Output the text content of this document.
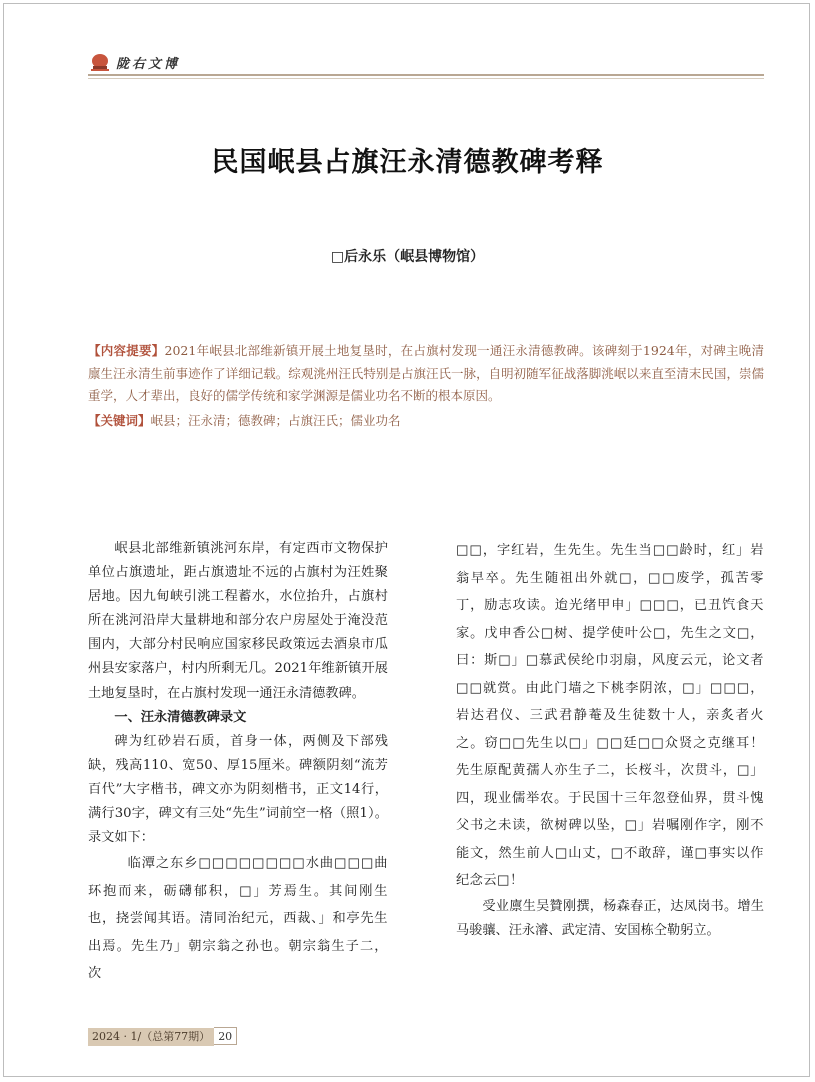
陇右文博
民国岷县占旗汪永清德教碑考释
□后永乐（岷县博物馆）

【内容提要】2021年岷县北部维新镇开展土地复垦时，在占旗村发现一通汪永清德教碑。该碑刻于1924年，对碑主晚清廪生汪永清生前事迹作了详细记载。综观洮州汪氏特别是占旗汪氏一脉，自明初随军征战落脚洮岷以来直至清末民国，崇儒重学，人才辈出，良好的儒学传统和家学渊源是儒业功名不断的根本原因。

【关键词】岷县；汪永清；德教碑；占旗汪氏；儒业功名

岷县北部维新镇洮河东岸，有定西市文物保护单位占旗遗址，距占旗遗址不远的占旗村为汪姓聚居地。因九甸峡引洮工程蓄水，水位抬升，占旗村所在洮河沿岸大量耕地和部分农户房屋处于淹没范围内，大部分村民响应国家移民政策远去酒泉市瓜州县安家落户，村内所剩无几。2021年维新镇开展土地复垦时，在占旗村发现一通汪永清德教碑。

一、汪永清德教碑录文

碑为红砂岩石质，首身一体，两侧及下部残缺，残高110、宽50、厚15厘米。碑额阴刻“流芳百代”大字楷书，碑文亦为阴刻楷书，正文14行，满行30字，碑文有三处“先生”词前空一格（照1）。录文如下：

临潭之东乡□□□□□□□□水曲□□□曲环抱而来，砺礴郁积，□」芳焉生。其间刚生也，挠尝闻其语。清同治纪元，西裁、」和亭先生出焉。先生乃」朝宗翁之孙也。朝宗翁生子二，次

□□，字红岩，生先生。先生当□□龄时，红」岩翁早卒。先生随祖出外就□，□□废学，孤苦零丁，励志攻读。迨光绪甲申」□□□，已丑饩食天家。戊申香公□树、提学使叶公□，先生之文□，曰：斯□」□慕武侯纶巾羽扇，风度云元，论文者□□就赏。由此门墙之下桃李阴浓，□」□□□，岩达君仪、三武君静菴及生徒数十人，亲炙者火之。窃□□先生以□」□□廷□□众贤之克继耳！先生原配黄孺人亦生子二，长桜斗，次贯斗，□」四，现业儒举农。于民国十三年忽登仙界，贯斗愧父书之未读，欲树碑以坠，□」岩嘱刚作字，刚不能文，然生前人□山丈，□不敢辞，谨□事实以作纪念云□！

受业廪生吴贊刚撰，杨森春正，达凤岗书。增生马骏骧、汪永濬、武定清、安国栋仝勒躬立。

2024 · 1/（总第77期） 20
